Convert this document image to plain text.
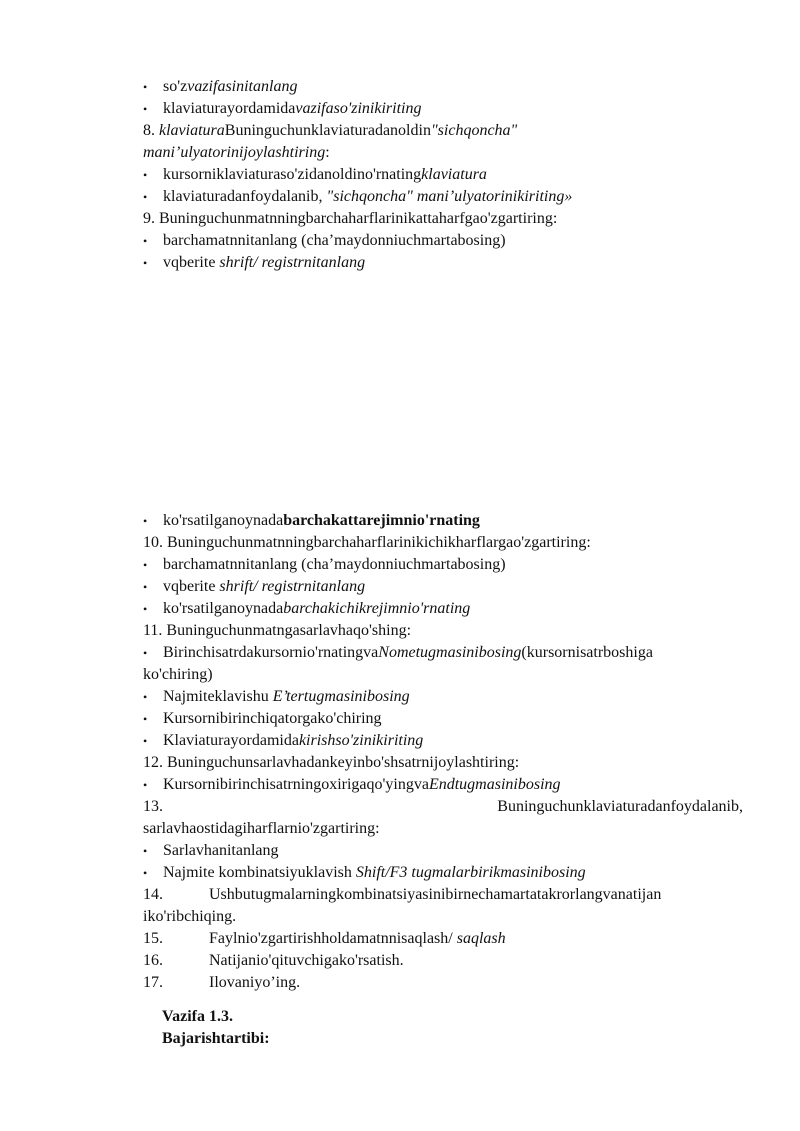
• so'zvazifasinitanlang
• klaviaturayordamidavazifaso'zinikiriting
8. klaviaturaBuninguchunklaviaturadanoldin"sichqoncha"
mani’ulyatorinijoylashtiring:
• kursorniklaviaturaso'zidanoldino'rnatingklaviatura
• klaviaturadanfoydalanib, "sichqoncha" mani’ulyatorinikiriting»
9. Buninguchunmatnningbarchaharflarinikattaharfgao'zgartiring:
• barchamatnnitanlang (cha’maydonniuchmartabosing)
• vqberite shrift/ registrnitanlang
• ko'rsatilganoynadabarchakattarejimnio'rnating
10. Buninguchunmatnningbarchaharflarinikichikharflargao'zgartiring:
• barchamatnnitanlang (cha’maydonniuchmartabosing)
• vqberite shrift/ registrnitanlang
• ko'rsatilganoynadabarchakichikrejimnio'rnating
11. Buninguchunmatngasarlavhaqo'shing:
• Birinchisatrdakursornio'rnatingvaNometugmasinibosing(kursornisatrboshiga
ko'chiring)
• Najmiteklavishu E’tertugmasinibosing
• Kursornibirinchiqatorgako'chiring
• Klaviaturayordamidakirishso'zinikiriting
12. Buninguchunsarlavhadankeyinbo'shsatrnijoylashtiring:
• Kursornibirinchisatrningoxirigaqo'yingvaEndtugmasinibosing
13.	Buninguchunklaviaturadanfoydalanib,
sarlavhaostidagiharflarnio'zgartiring:
• Sarlavhanitanlang
• Najmite kombinatsiyuklavish Shift/F3 tugmalarbirikmasinibosing
14.	Ushbutugmalarningkombinatsiyasinibirnechamartatakrorlangvanatijan
iko'ribchiqing.
15.	Faylnio'zgartirishholdamatnnisaqlash/ saqlash
16.	Natijanio'qituvchigako'rsatish.
17.	Ilovaniyo’ing.
Vazifa 1.3.
Bajarishtartibi:
